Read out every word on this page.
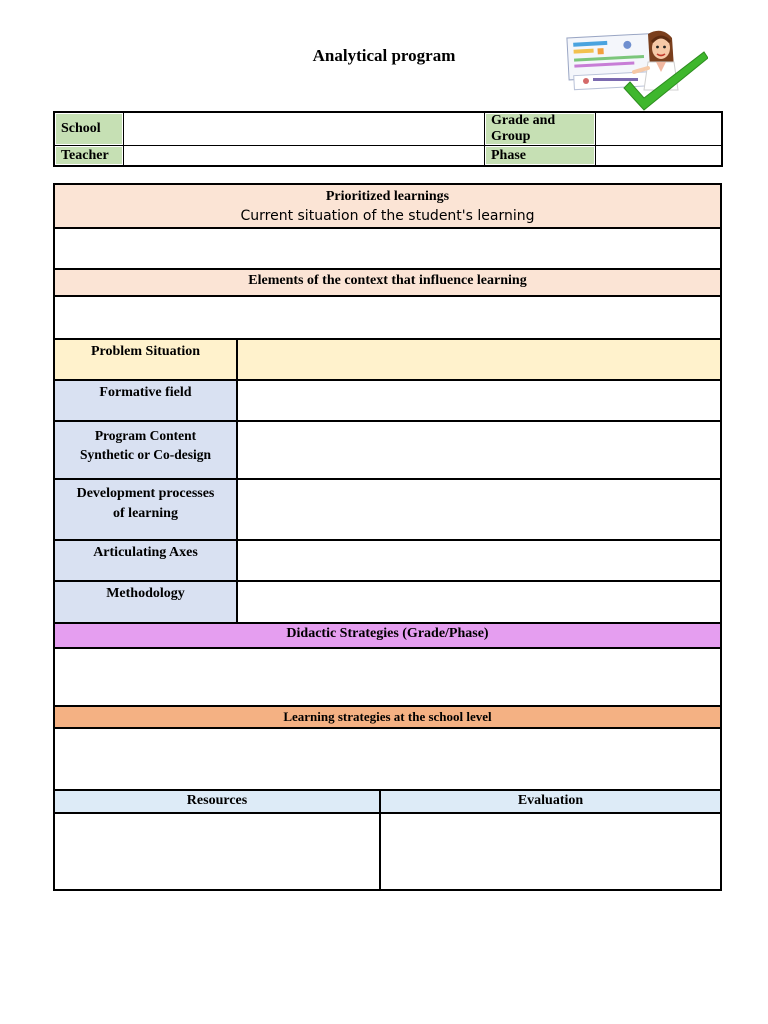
Analytical program
School		Grade and Group	
Teacher		Phase	
Prioritized learnings
Current situation of the student's learning
Elements of the context that influence learning
Problem Situation
Formative field
Program Content
Synthetic or Co-design
Development processes
of learning
Articulating Axes
Methodology
Didactic Strategies (Grade/Phase)
Learning strategies at the school level
Resources	Evaluation
